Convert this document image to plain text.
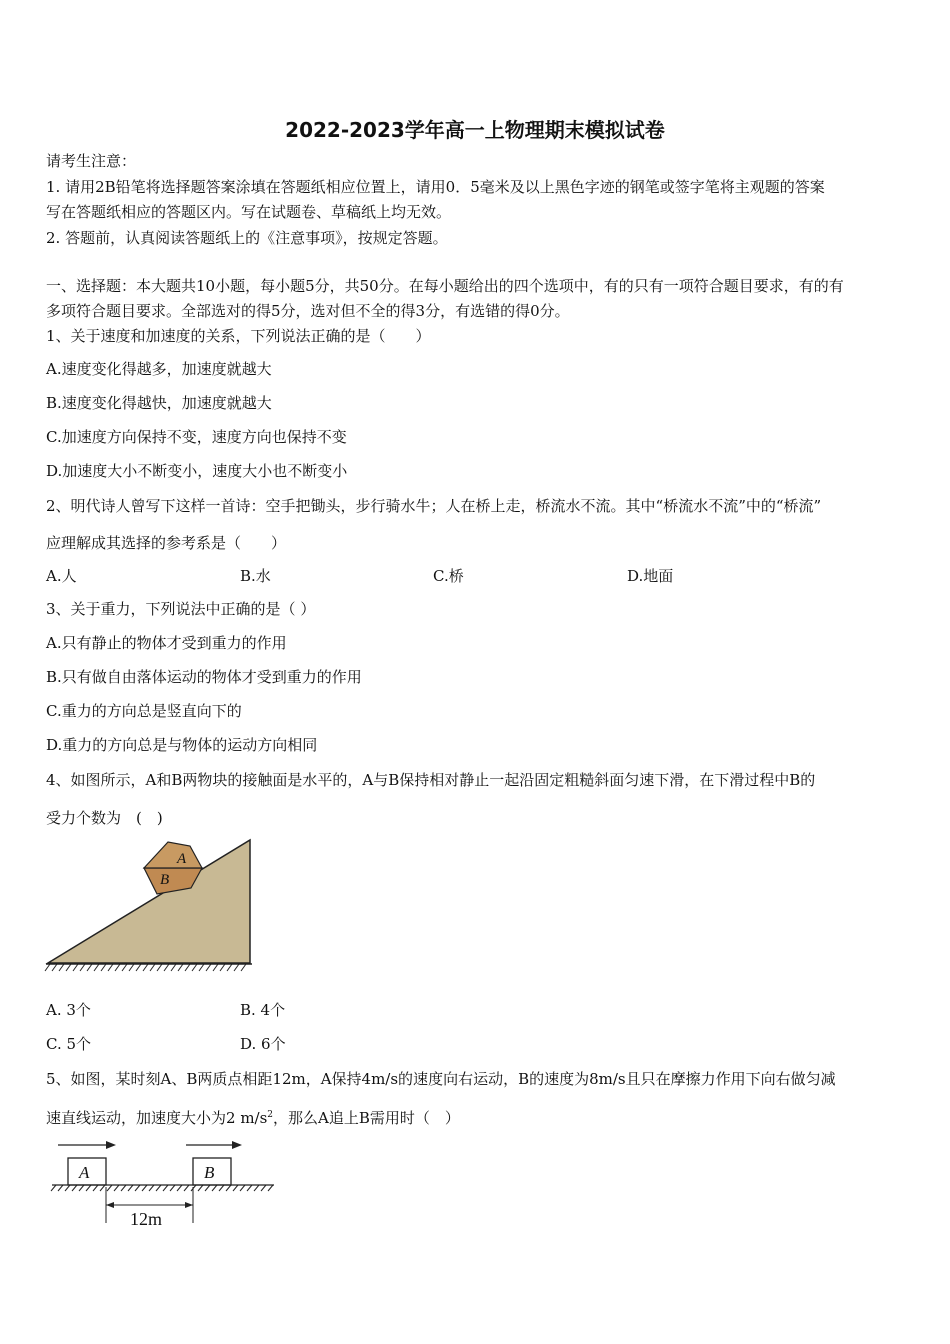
2022-2023学年高一上物理期末模拟试卷
请考生注意：
1. 请用2B铅笔将选择题答案涂填在答题纸相应位置上，请用0．5毫米及以上黑色字迹的钢笔或签字笔将主观题的答案
写在答题纸相应的答题区内。写在试题卷、草稿纸上均无效。
2. 答题前，认真阅读答题纸上的《注意事项》，按规定答题。
一、选择题：本大题共10小题，每小题5分，共50分。在每小题给出的四个选项中，有的只有一项符合题目要求，有的有
多项符合题目要求。全部选对的得5分，选对但不全的得3分，有选错的得0分。
1、关于速度和加速度的关系，下列说法正确的是（　　）
A.速度变化得越多，加速度就越大
B.速度变化得越快，加速度就越大
C.加速度方向保持不变，速度方向也保持不变
D.加速度大小不断变小，速度大小也不断变小
2、明代诗人曾写下这样一首诗：空手把锄头，步行骑水牛；人在桥上走，桥流水不流。其中“桥流水不流”中的“桥流”
应理解成其选择的参考系是（　　）
A.人	B.水	C.桥	D.地面
3、关于重力，下列说法中正确的是（ ）
A.只有静止的物体才受到重力的作用
B.只有做自由落体运动的物体才受到重力的作用
C.重力的方向总是竖直向下的
D.重力的方向总是与物体的运动方向相同
4、如图所示，A和B两物块的接触面是水平的，A与B保持相对静止一起沿固定粗糙斜面匀速下滑，在下滑过程中B的
受力个数为　(　)
A
B
A. 3个	B. 4个
C. 5个	D. 6个
5、如图，某时刻A、B两质点相距12m，A保持4m/s的速度向右运动，B的速度为8m/s且只在摩擦力作用下向右做匀减
速直线运动，加速度大小为2 $m/s^2$，那么A追上B需用时（　）
A	B
12m
